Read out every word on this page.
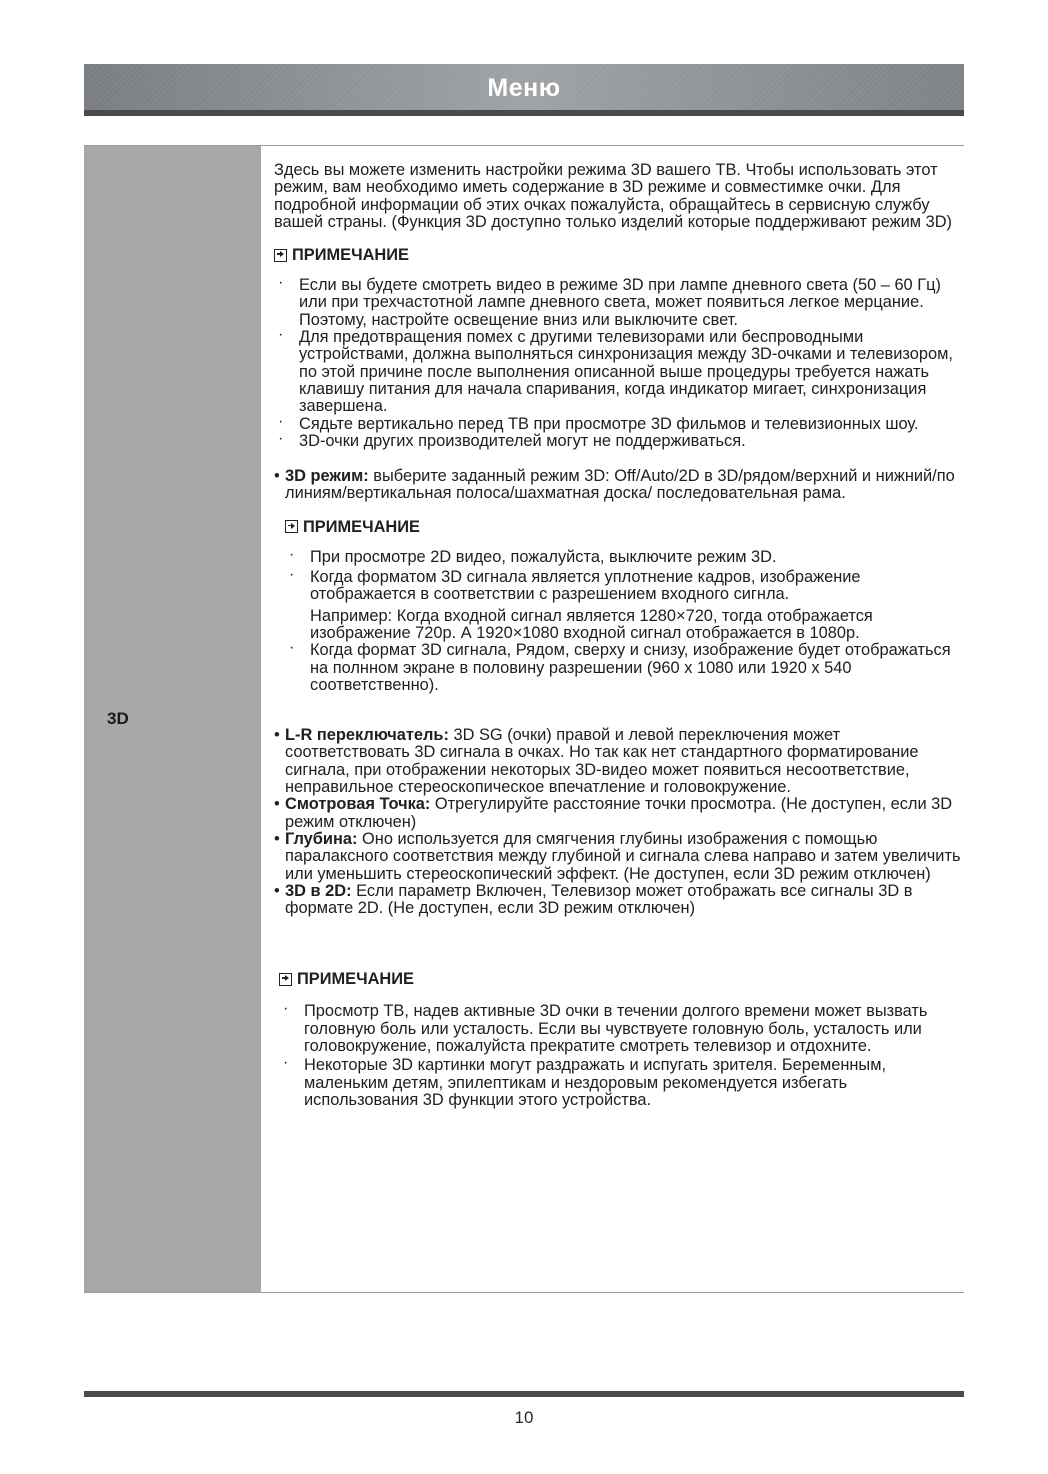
Меню
3D

Здесь вы можете изменить настройки режима 3D вашего ТВ. Чтобы использовать этот режим, вам необходимо иметь содержание в 3D режиме и совместимке очки. Для подробной информации об этих очках пожалуйста, обращайтесь в сервисную службу вашей страны. (Функция 3D доступно только изделий которые поддерживают режим 3D)

ПРИМЕЧАНИЕ
· Если вы будете смотреть видео в режиме 3D при лампе дневного света (50 – 60 Гц) или при трехчастотной лампе дневного света, может появиться легкое мерцание. Поэтому, настройте освещение вниз или выключите свет.
· Для предотвращения помех с другими телевизорами или беспроводными устройствами, должна выполняться синхронизация между 3D-очками и телевизором, по этой причине после выполнения описанной выше процедуры требуется нажать клавишу питания для начала спаривания, когда индикатор мигает, синхронизация завершена.
· Сядьте вертикально перед ТВ при просмотре 3D фильмов и телевизионных шоу.
· 3D-очки других производителей могут не поддерживаться.

• 3D режим: выберите заданный режим 3D: Off/Auto/2D в 3D/рядом/верхний и нижний/по линиям/вертикальная полоса/шахматная доска/ последовательная рама.

ПРИМЕЧАНИЕ
· При просмотре 2D видео, пожалуйста, выключите режим 3D.
· Когда форматом 3D сигнала является уплотнение кадров, изображение отображается в соответствии с разрешением входного сигнла.

Например: Когда входной сигнал является 1280×720, тогда отображается изображение 720p. А 1920×1080 входной сигнал отображается в 1080p.

· Когда формат 3D сигнала, Рядом, сверху и снизу, изображение будет отображаться на полнном экране в половину разрешении (960 x 1080 или 1920 x 540 соответственно).

• L-R переключатель: 3D SG (очки) правой и левой переключения может соответствовать 3D сигнала в очках. Но так как нет стандартного форматирование сигнала, при отображении некоторых 3D-видео может появиться несоответствие, неправильное стереоскопическое впечатление и головокружение.

• Смотровая Точка: Отрегулируйте расстояние точки просмотра. (Не доступен, если 3D режим отключен)

• Глубина: Оно используется для смягчения глубины изображения с помощью паралаксного соответствия между глубиной и сигнала слева направо и затем увеличить или уменьшить стереоскопический эффект. (Не доступен, если 3D режим отключен)

• 3D в 2D: Если параметр Включен, Телевизор может отображать все сигналы 3D в формате 2D. (Не доступен, если 3D режим отключен)

ПРИМЕЧАНИЕ
· Просмотр ТВ, надев активные 3D очки в течении долгого времени может вызвать головную боль или усталость. Если вы чувствуете головную боль, усталость или головокружение, пожалуйста прекратите смотреть телевизор и отдохните.
· Некоторые 3D картинки могут раздражать и испугать зрителя. Беременным, маленьким детям, эпилептикам и нездоровым рекомендуется избегать использования 3D функции этого устройства.
10
